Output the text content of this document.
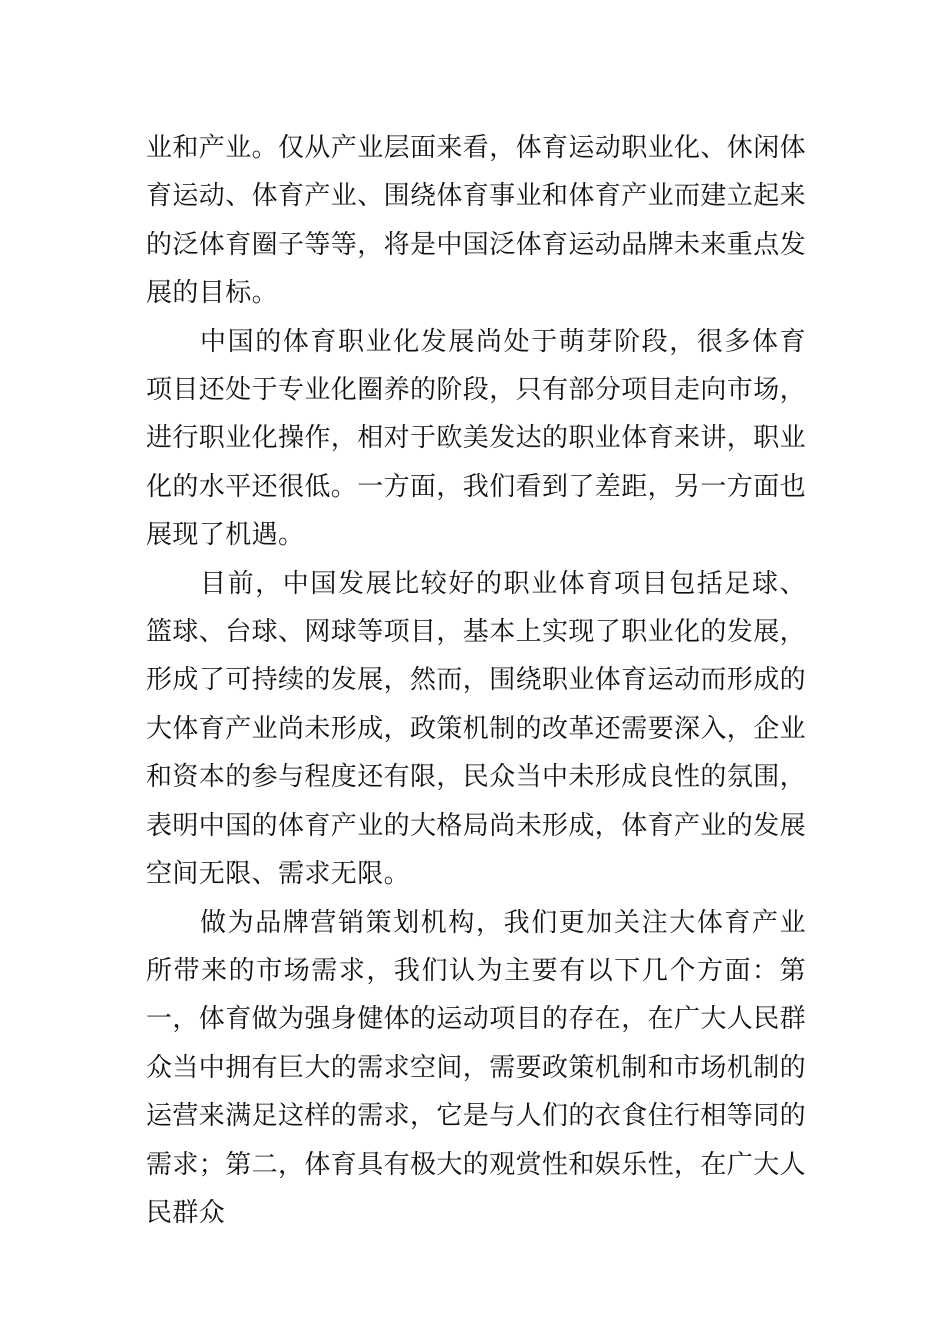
业和产业。仅从产业层面来看，体育运动职业化、休闲体育运动、体育产业、围绕体育事业和体育产业而建立起来的泛体育圈子等等，将是中国泛体育运动品牌未来重点发展的目标。

中国的体育职业化发展尚处于萌芽阶段，很多体育项目还处于专业化圈养的阶段，只有部分项目走向市场，进行职业化操作，相对于欧美发达的职业体育来讲，职业化的水平还很低。一方面，我们看到了差距，另一方面也展现了机遇。

目前，中国发展比较好的职业体育项目包括足球、篮球、台球、网球等项目，基本上实现了职业化的发展，形成了可持续的发展，然而，围绕职业体育运动而形成的大体育产业尚未形成，政策机制的改革还需要深入，企业和资本的参与程度还有限，民众当中未形成良性的氛围，表明中国的体育产业的大格局尚未形成，体育产业的发展空间无限、需求无限。

做为品牌营销策划机构，我们更加关注大体育产业所带来的市场需求，我们认为主要有以下几个方面：第一，体育做为强身健体的运动项目的存在，在广大人民群众当中拥有巨大的需求空间，需要政策机制和市场机制的运营来满足这样的需求，它是与人们的衣食住行相等同的需求；第二，体育具有极大的观赏性和娱乐性，在广大人民群众
